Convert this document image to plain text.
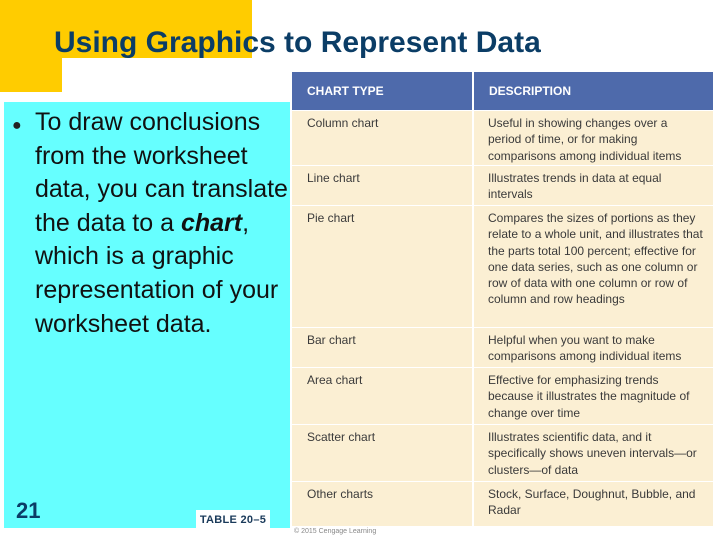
Using Graphics to Represent Data
● To draw conclusions from the worksheet data, you can translate the data to a chart, which is a graphic representation of your worksheet data.
21	TABLE 20–5
CHART TYPE	DESCRIPTION
Column chart	Useful in showing changes over a period of time, or for making comparisons among individual items
Line chart	Illustrates trends in data at equal intervals
Pie chart	Compares the sizes of portions as they relate to a whole unit, and illustrates that the parts total 100 percent; effective for one data series, such as one column or row of data with one column or row of column and row headings
Bar chart	Helpful when you want to make comparisons among individual items
Area chart	Effective for emphasizing trends because it illustrates the magnitude of change over time
Scatter chart	Illustrates scientific data, and it specifically shows uneven intervals—or clusters—of data
Other charts	Stock, Surface, Doughnut, Bubble, and Radar
© 2015 Cengage Learning
